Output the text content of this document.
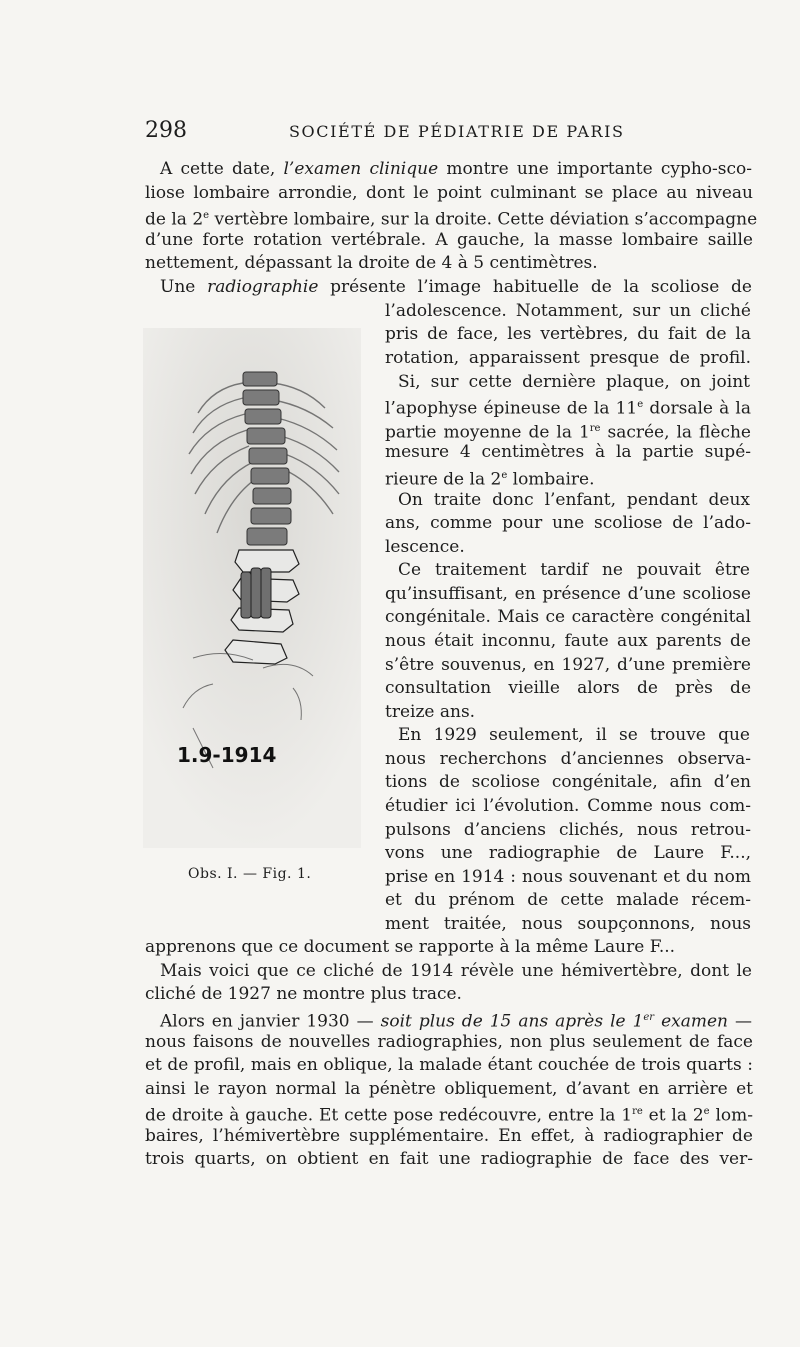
298	SOCIÉTÉ DE PÉDIATRIE DE PARIS
1.9-1914
Obs. I. — Fig. 1.
A cette date, l’examen clinique montre une importante cypho-sco-
liose lombaire arrondie, dont le point culminant se place au niveau
de la 2e vertèbre lombaire, sur la droite. Cette déviation s’accompagne
d’une forte rotation vertébrale. A gauche, la masse lombaire saille
nettement, dépassant la droite de 4 à 5 centimètres.
Une radiographie présente l’image habituelle de la scoliose de
l’adolescence. Notamment, sur un cliché
pris de face, les vertèbres, du fait de la
rotation, apparaissent presque de profil.
Si, sur cette dernière plaque, on joint
l’apophyse épineuse de la 11e dorsale à la
partie moyenne de la 1re sacrée, la flèche
mesure 4 centimètres à la partie supé-
rieure de la 2e lombaire.
On traite donc l’enfant, pendant deux
ans, comme pour une scoliose de l’ado-
lescence.
Ce traitement tardif ne pouvait être
qu’insuffisant, en présence d’une scoliose
congénitale. Mais ce caractère congénital
nous était inconnu, faute aux parents de
s’être souvenus, en 1927, d’une première
consultation vieille alors de près de
treize ans.
En 1929 seulement, il se trouve que
nous recherchons d’anciennes observa-
tions de scoliose congénitale, afin d’en
étudier ici l’évolution. Comme nous com-
pulsons d’anciens clichés, nous retrou-
vons une radiographie de Laure F...,
prise en 1914 : nous souvenant et du nom
et du prénom de cette malade récem-
ment traitée, nous soupçonnons, nous
apprenons que ce document se rapporte à la même Laure F...
Mais voici que ce cliché de 1914 révèle une hémivertèbre, dont le
cliché de 1927 ne montre plus trace.
Alors en janvier 1930 — soit plus de 15 ans après le 1er examen —
nous faisons de nouvelles radiographies, non plus seulement de face
et de profil, mais en oblique, la malade étant couchée de trois quarts :
ainsi le rayon normal la pénètre obliquement, d’avant en arrière et
de droite à gauche. Et cette pose redécouvre, entre la 1re et la 2e lom-
baires, l’hémivertèbre supplémentaire. En effet, à radiographier de
trois quarts, on obtient en fait une radiographie de face des ver-
